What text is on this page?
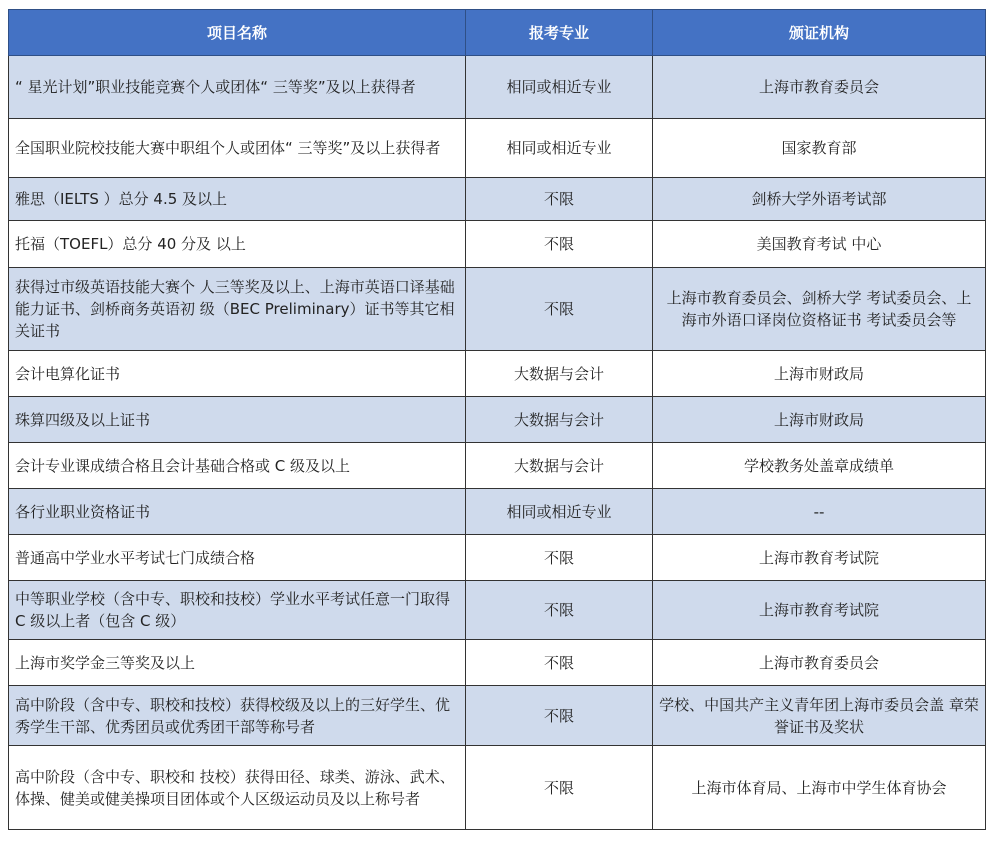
项目名称	报考专业	颁证机构
“ 星光计划”职业技能竞赛个人或团体“ 三等奖”及以上获得者	相同或相近专业	上海市教育委员会
全国职业院校技能大赛中职组个人或团体“ 三等奖”及以上获得者	相同或相近专业	国家教育部
雅思（IELTS ）总分 4.5 及以上	不限	剑桥大学外语考试部
托福（TOEFL）总分 40 分及 以上	不限	美国教育考试 中心
获得过市级英语技能大赛个 人三等奖及以上、上海市英语口译基础能力证书、剑桥商务英语初 级（BEC Preliminary）证书等其它相关证书	不限	上海市教育委员会、剑桥大学 考试委员会、上 海市外语口译岗位资格证书 考试委员会等
会计电算化证书	大数据与会计	上海市财政局
珠算四级及以上证书	大数据与会计	上海市财政局
会计专业课成绩合格且会计基础合格或 C 级及以上	大数据与会计	学校教务处盖章成绩单
各行业职业资格证书	相同或相近专业	--
普通高中学业水平考试七门成绩合格	不限	上海市教育考试院
中等职业学校（含中专、职校和技校）学业水平考试任意一门取得 C 级以上者（包含 C 级）	不限	上海市教育考试院
上海市奖学金三等奖及以上	不限	上海市教育委员会
高中阶段（含中专、职校和技校）获得校级及以上的三好学生、优秀学生干部、优秀团员或优秀团干部等称号者	不限	学校、中国共产主义青年团上海市委员会盖 章荣誉证书及奖状
高中阶段（含中专、职校和 技校）获得田径、球类、游泳、武术、体操、健美或健美操项目团体或个人区级运动员及以上称号者	不限	上海市体育局、上海市中学生体育协会
